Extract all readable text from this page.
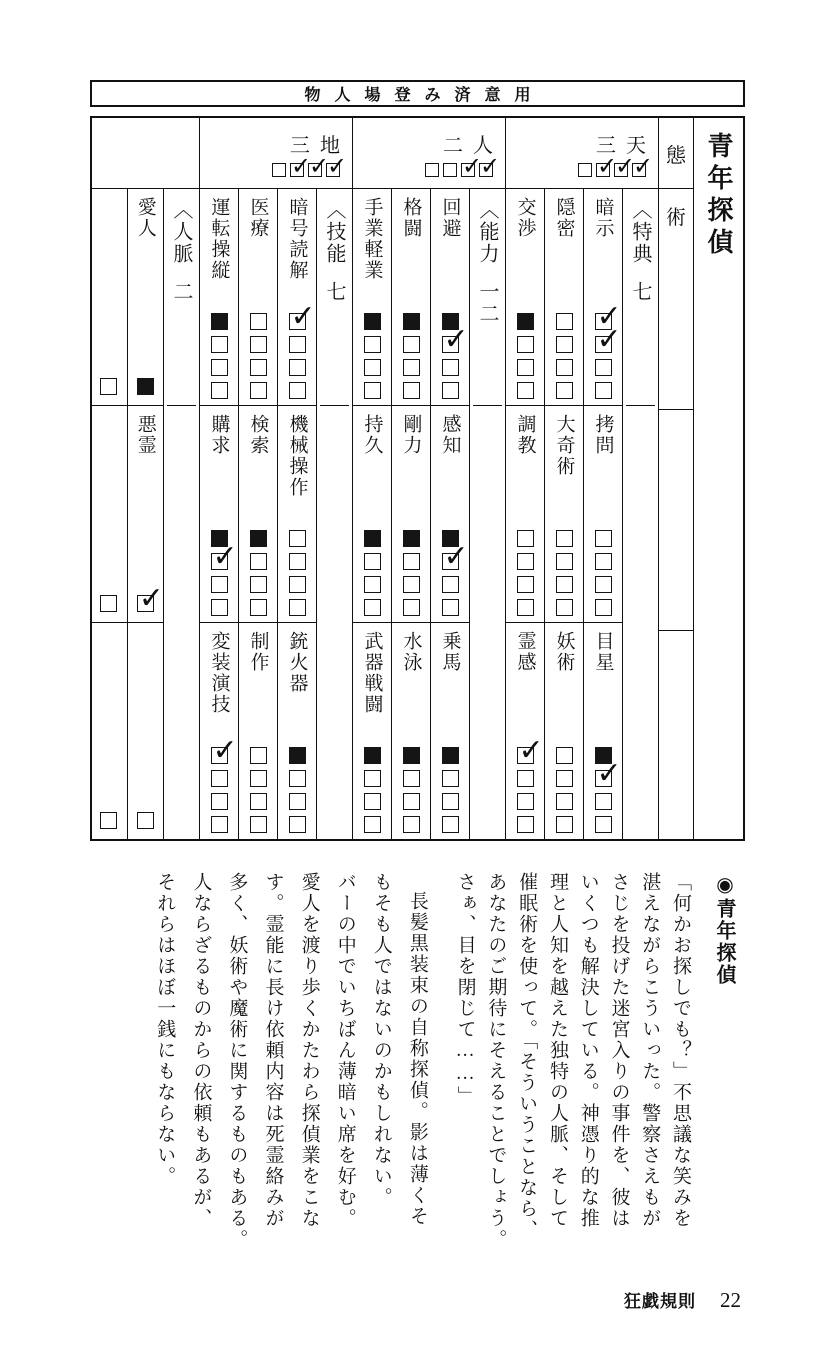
物人場登み済意用
青年探偵
態
術
三 天
✓
✓
✓
〈特典七
暗示
✓
✓
拷問
目星
✓
隠密
大奇術
妖術
交渉
調教
霊感
✓
二 人
✓
✓
〈能力一二
回避
✓
感知
✓
乗馬
格闘
剛力
水泳
手業軽業
持久
武器戦闘
三 地
✓
✓
✓
〈技能七
暗号読解
✓
機械操作
銃火器
医療
検索
制作
運転操縦
購求
✓
変装演技
✓
〈人脈二
愛人
悪霊
✓
◉青年探偵
「何かお探しでも？」不思議な笑みを
湛えながらこういった。警察さえもが
さじを投げた迷宮入りの事件を、彼は
いくつも解決している。神憑り的な推
理と人知を越えた独特の人脈、そして
催眠術を使って。「そういうことなら、
あなたのご期待にそえることでしょう。
さぁ、目を閉じて……」
長髪黒装束の自称探偵。影は薄くそ
もそも人ではないのかもしれない。
バーの中でいちばん薄暗い席を好む。
愛人を渡り歩くかたわら探偵業をこな
す。霊能に長け依頼内容は死霊絡みが
多く、妖術や魔術に関するものもある。
人ならざるものからの依頼もあるが、
それらはほぼ一銭にもならない。
狂戯規則 22
